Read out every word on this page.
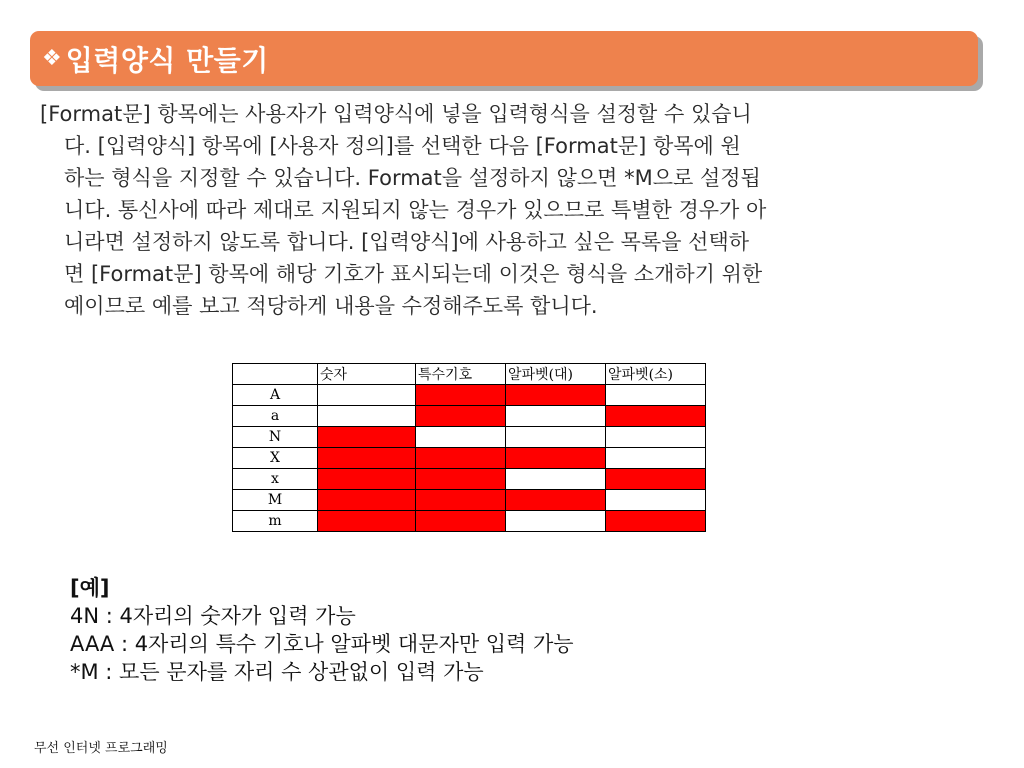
❖ 입력양식 만들기

[Format문] 항목에는 사용자가 입력양식에 넣을 입력형식을 설정할 수 있습니
다. [입력양식] 항목에 [사용자 정의]를 선택한 다음 [Format문] 항목에 원
하는 형식을 지정할 수 있습니다. Format을 설정하지 않으면 *M으로 설정됩
니다. 통신사에 따라 제대로 지원되지 않는 경우가 있으므로 특별한 경우가 아
니라면 설정하지 않도록 합니다. [입력양식]에 사용하고 싶은 목록을 선택하
면 [Format문] 항목에 해당 기호가 표시되는데 이것은 형식을 소개하기 위한
예이므로 예를 보고 적당하게 내용을 수정해주도록 합니다.

	숫자	특수기호	알파벳(대)	알파벳(소)
A				
a				
N				
X				
x				
M				
m				
[예]
4N : 4자리의 숫자가 입력 가능
AAA : 4자리의 특수 기호나 알파벳 대문자만 입력 가능
*M : 모든 문자를 자리 수 상관없이 입력 가능
무선 인터넷 프로그래밍
